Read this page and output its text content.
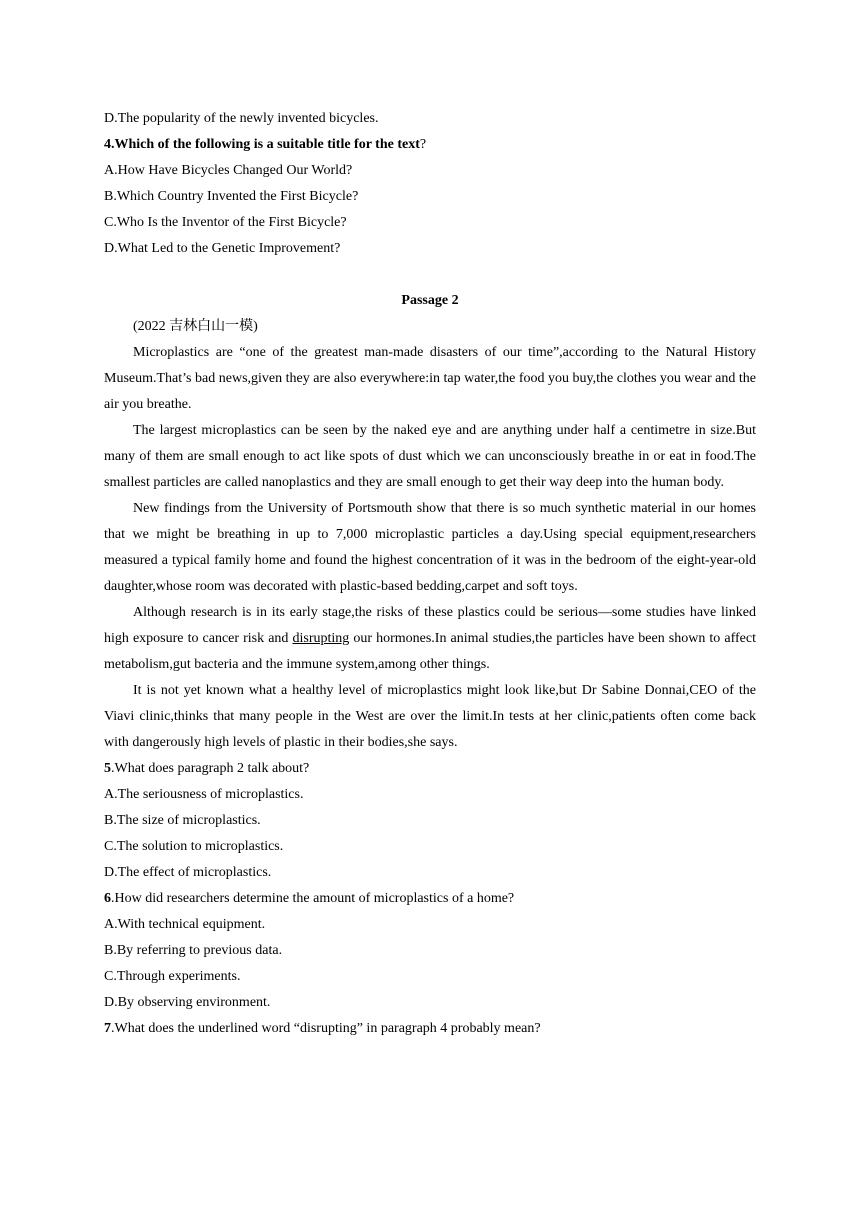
D.The popularity of the newly invented bicycles.
4.Which of the following is a suitable title for the text?
A.How Have Bicycles Changed Our World?
B.Which Country Invented the First Bicycle?
C.Who Is the Inventor of the First Bicycle?
D.What Led to the Genetic Improvement?
Passage 2
(2022 吉林白山一模)

Microplastics are “one of the greatest man-made disasters of our time”,according to the Natural History Museum.That’s bad news,given they are also everywhere:in tap water,the food you buy,the clothes you wear and the air you breathe.

The largest microplastics can be seen by the naked eye and are anything under half a centimetre in size.But many of them are small enough to act like spots of dust which we can unconsciously breathe in or eat in food.The smallest particles are called nanoplastics and they are small enough to get their way deep into the human body.

New findings from the University of Portsmouth show that there is so much synthetic material in our homes that we might be breathing in up to 7,000 microplastic particles a day.Using special equipment,researchers measured a typical family home and found the highest concentration of it was in the bedroom of the eight-year-old daughter,whose room was decorated with plastic-based bedding,carpet and soft toys.

Although research is in its early stage,the risks of these plastics could be serious—some studies have linked high exposure to cancer risk and disrupting our hormones.In animal studies,the particles have been shown to affect metabolism,gut bacteria and the immune system,among other things.

It is not yet known what a healthy level of microplastics might look like,but Dr Sabine Donnai,CEO of the Viavi clinic,thinks that many people in the West are over the limit.In tests at her clinic,patients often come back with dangerously high levels of plastic in their bodies,she says.

5.What does paragraph 2 talk about?
A.The seriousness of microplastics.
B.The size of microplastics.
C.The solution to microplastics.
D.The effect of microplastics.
6.How did researchers determine the amount of microplastics of a home?
A.With technical equipment.
B.By referring to previous data.
C.Through experiments.
D.By observing environment.
7.What does the underlined word “disrupting” in paragraph 4 probably mean?
